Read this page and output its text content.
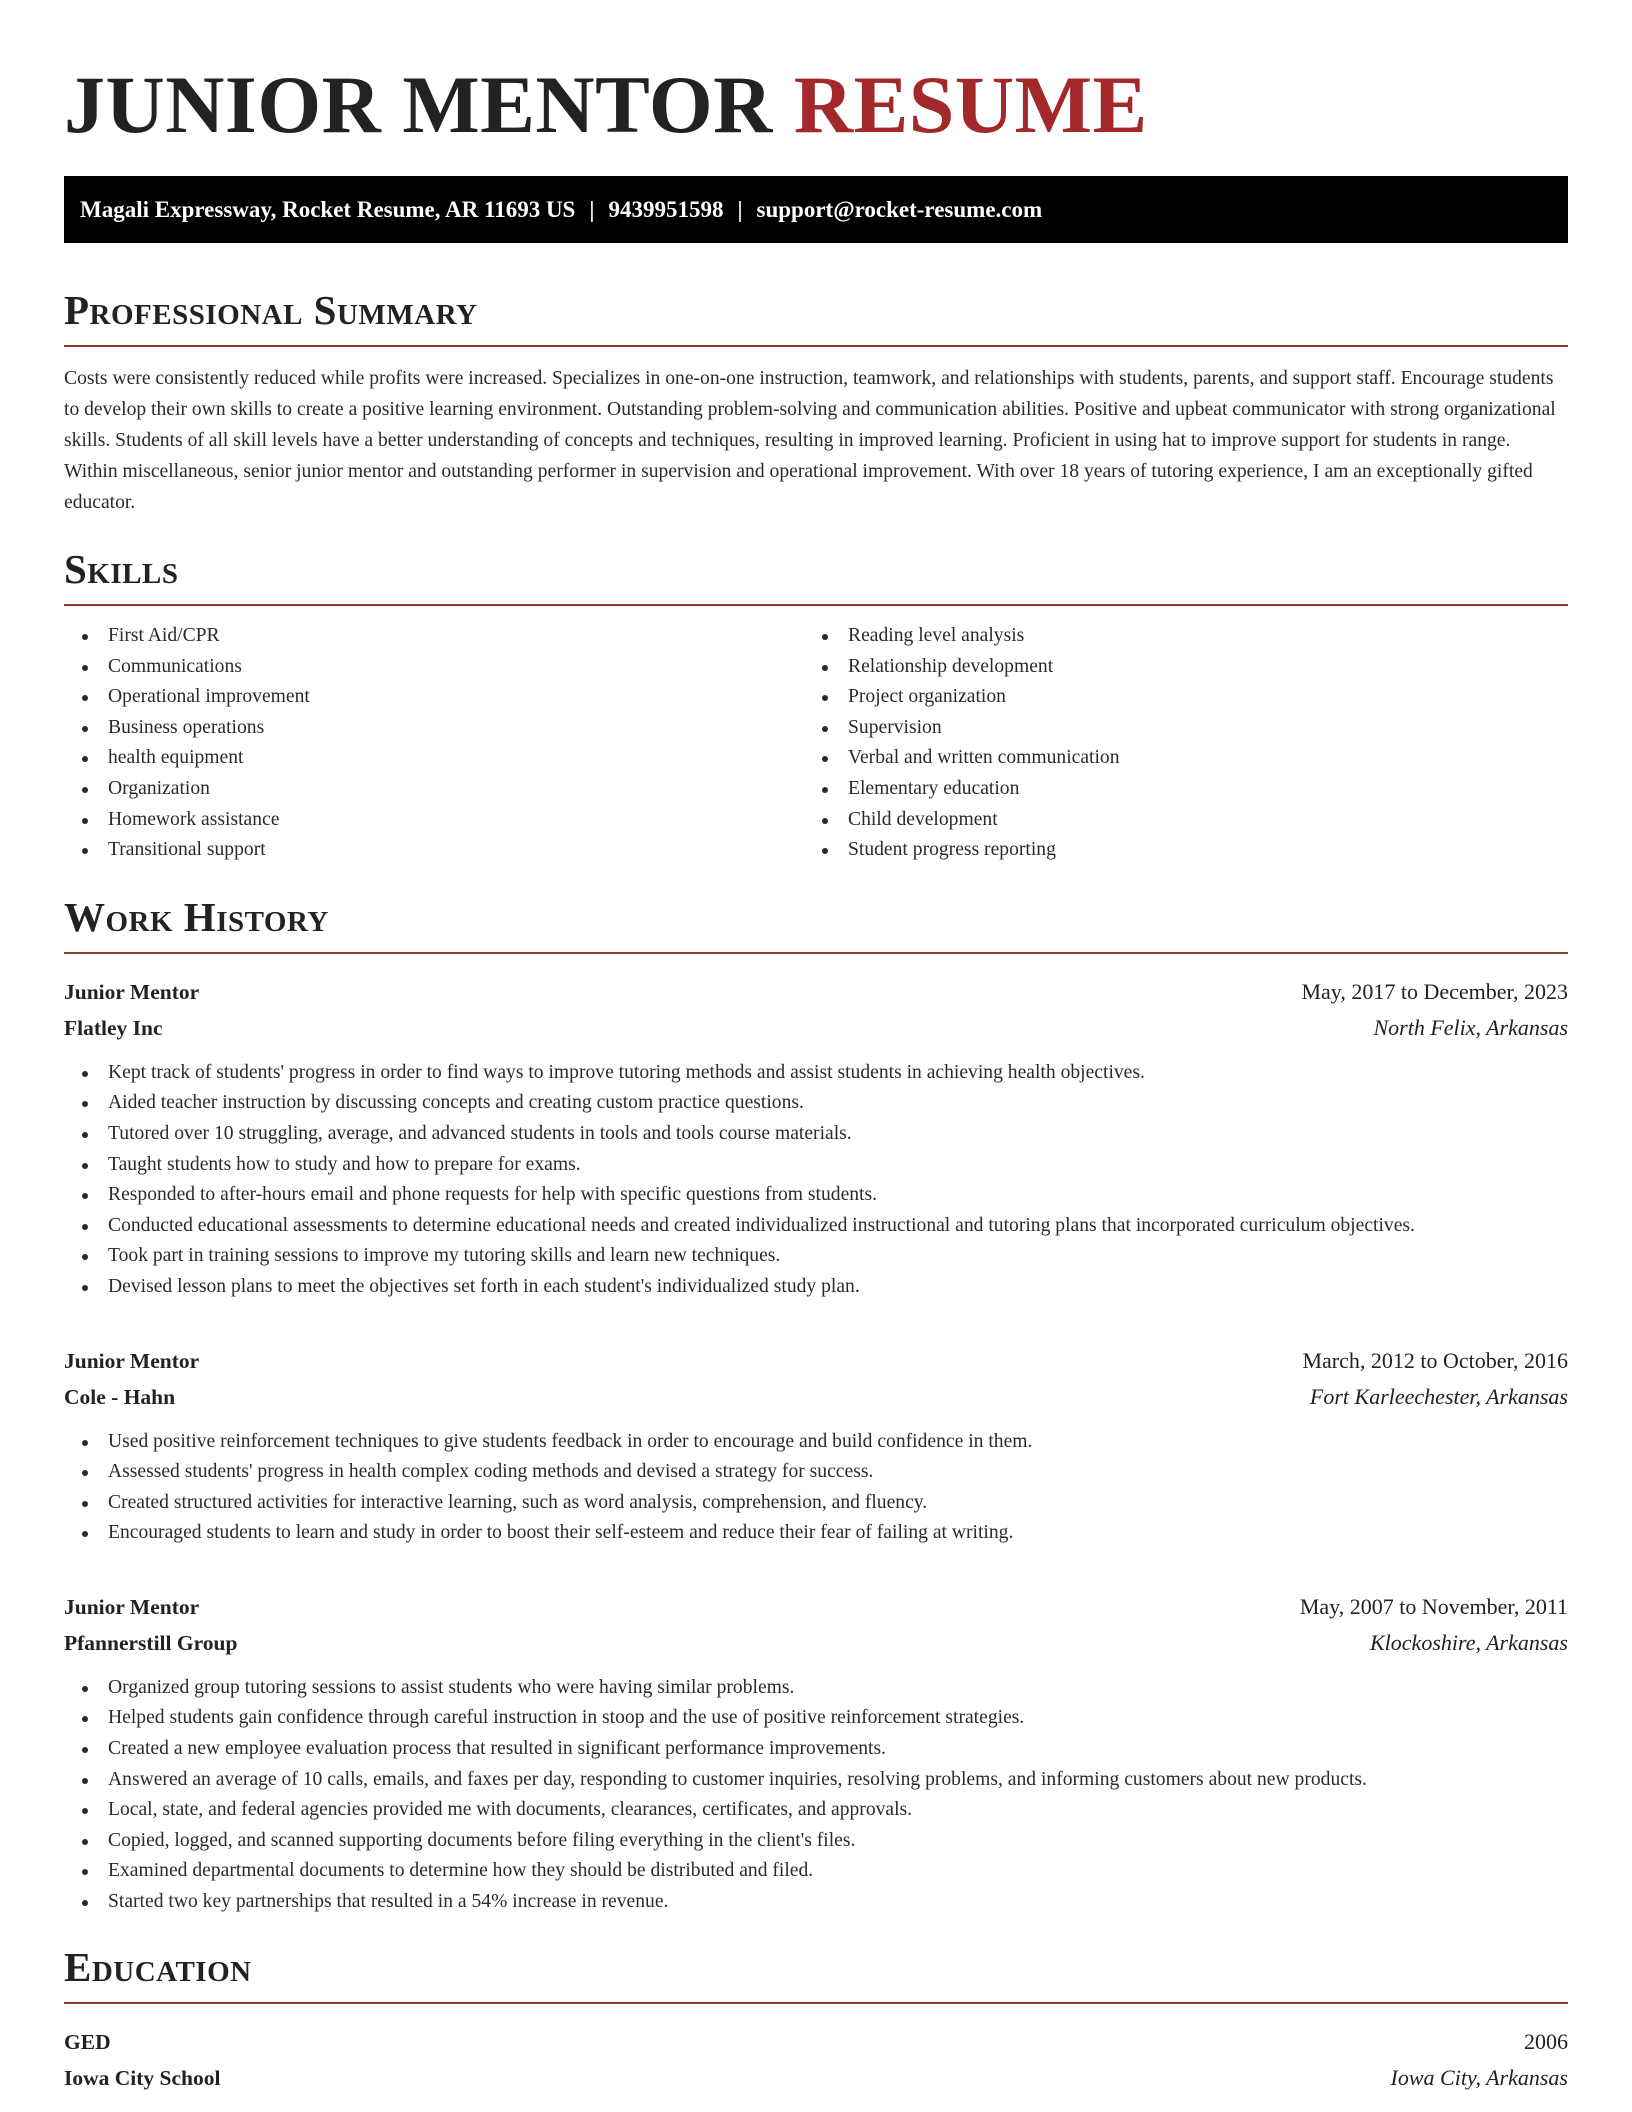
JUNIOR MENTOR RESUME
Magali Expressway, Rocket Resume, AR 11693 US | 9439951598 | support@rocket-resume.com
Professional Summary

Costs were consistently reduced while profits were increased. Specializes in one-on-one instruction, teamwork, and relationships with students, parents, and support staff. Encourage students to develop their own skills to create a positive learning environment. Outstanding problem-solving and communication abilities. Positive and upbeat communicator with strong organizational skills. Students of all skill levels have a better understanding of concepts and techniques, resulting in improved learning. Proficient in using hat to improve support for students in range. Within miscellaneous, senior junior mentor and outstanding performer in supervision and operational improvement. With over 18 years of tutoring experience, I am an exceptionally gifted educator.

Skills
First Aid/CPR
Communications
Operational improvement
Business operations
health equipment
Organization
Homework assistance
Transitional support
Reading level analysis
Relationship development
Project organization
Supervision
Verbal and written communication
Elementary education
Child development
Student progress reporting
Work History
Junior Mentor	May, 2017 to December, 2023
Flatley Inc	North Felix, Arkansas
Kept track of students' progress in order to find ways to improve tutoring methods and assist students in achieving health objectives.
Aided teacher instruction by discussing concepts and creating custom practice questions.
Tutored over 10 struggling, average, and advanced students in tools and tools course materials.
Taught students how to study and how to prepare for exams.
Responded to after-hours email and phone requests for help with specific questions from students.
Conducted educational assessments to determine educational needs and created individualized instructional and tutoring plans that incorporated curriculum objectives.
Took part in training sessions to improve my tutoring skills and learn new techniques.
Devised lesson plans to meet the objectives set forth in each student's individualized study plan.
Junior Mentor	March, 2012 to October, 2016
Cole - Hahn	Fort Karleechester, Arkansas
Used positive reinforcement techniques to give students feedback in order to encourage and build confidence in them.
Assessed students' progress in health complex coding methods and devised a strategy for success.
Created structured activities for interactive learning, such as word analysis, comprehension, and fluency.
Encouraged students to learn and study in order to boost their self-esteem and reduce their fear of failing at writing.
Junior Mentor	May, 2007 to November, 2011
Pfannerstill Group	Klockoshire, Arkansas
Organized group tutoring sessions to assist students who were having similar problems.
Helped students gain confidence through careful instruction in stoop and the use of positive reinforcement strategies.
Created a new employee evaluation process that resulted in significant performance improvements.
Answered an average of 10 calls, emails, and faxes per day, responding to customer inquiries, resolving problems, and informing customers about new products.
Local, state, and federal agencies provided me with documents, clearances, certificates, and approvals.
Copied, logged, and scanned supporting documents before filing everything in the client's files.
Examined departmental documents to determine how they should be distributed and filed.
Started two key partnerships that resulted in a 54% increase in revenue.
Education
GED	2006
Iowa City School	Iowa City, Arkansas
